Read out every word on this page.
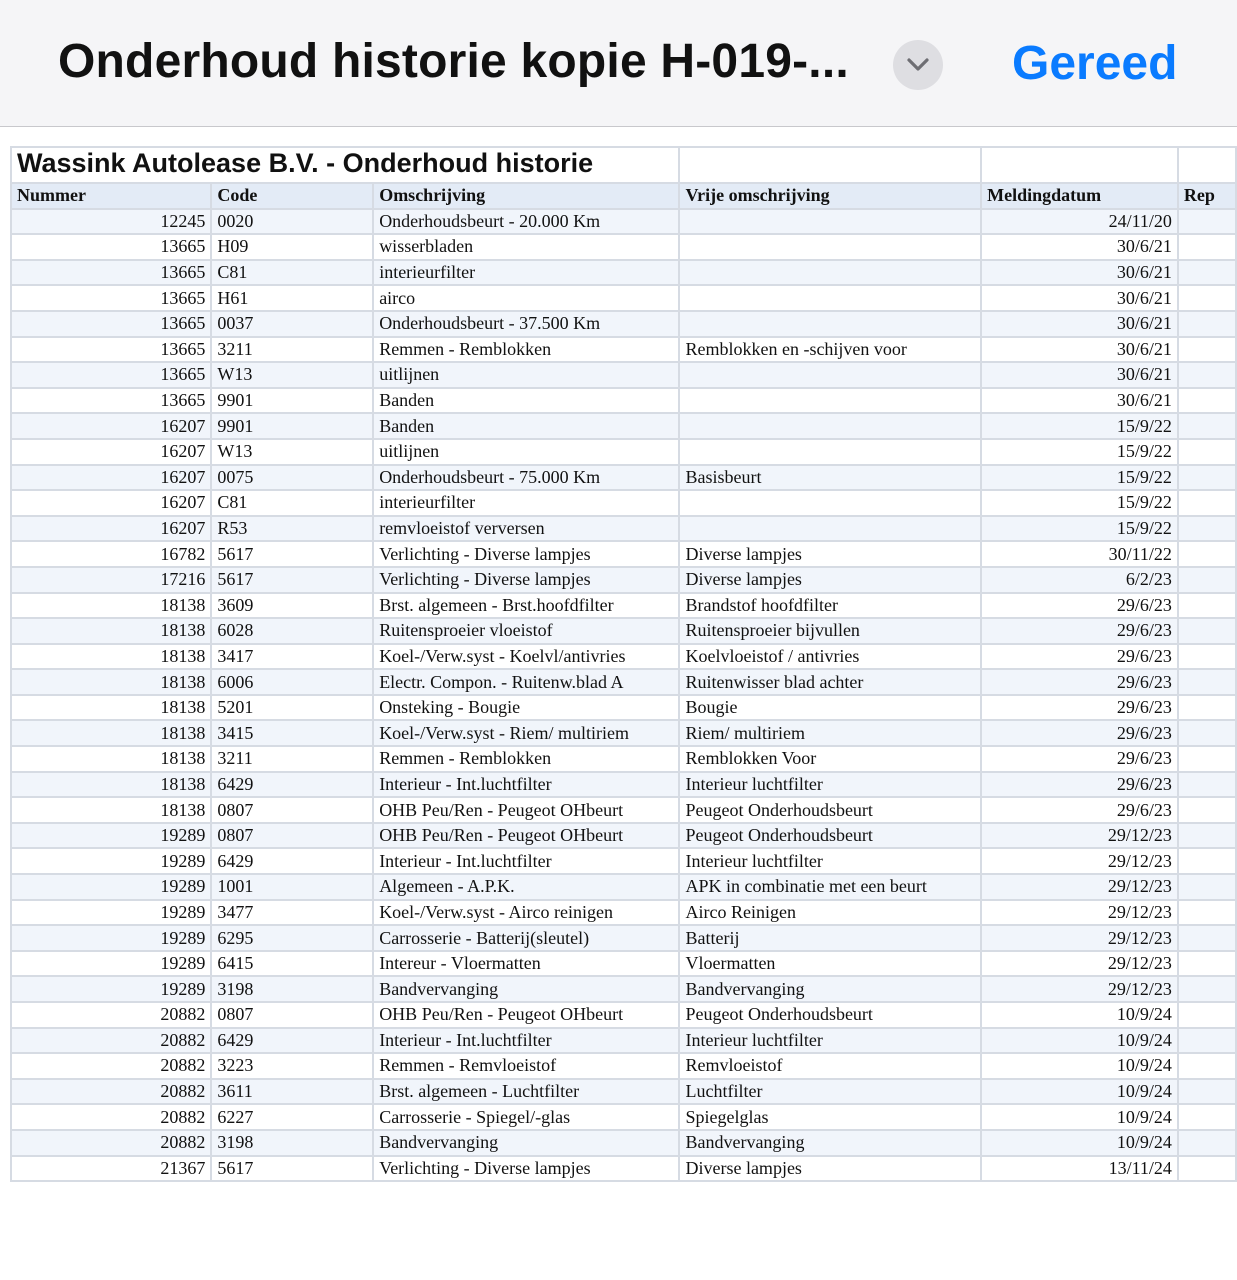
Onderhoud historie kopie H-019-...	Gereed
Wassink Autolease B.V. - Onderhoud historie					
Nummer	Code	Omschrijving	Vrije omschrijving	Meldingdatum	Rep
12245	0020	Onderhoudsbeurt - 20.000 Km		24/11/20	
13665	H09	wisserbladen		30/6/21	
13665	C81	interieurfilter		30/6/21	
13665	H61	airco		30/6/21	
13665	0037	Onderhoudsbeurt - 37.500 Km		30/6/21	
13665	3211	Remmen - Remblokken	Remblokken en -schijven voor	30/6/21	
13665	W13	uitlijnen		30/6/21	
13665	9901	Banden		30/6/21	
16207	9901	Banden		15/9/22	
16207	W13	uitlijnen		15/9/22	
16207	0075	Onderhoudsbeurt - 75.000 Km	Basisbeurt	15/9/22	
16207	C81	interieurfilter		15/9/22	
16207	R53	remvloeistof verversen		15/9/22	
16782	5617	Verlichting - Diverse lampjes	Diverse lampjes	30/11/22	
17216	5617	Verlichting - Diverse lampjes	Diverse lampjes	6/2/23	
18138	3609	Brst. algemeen - Brst.hoofdfilter	Brandstof hoofdfilter	29/6/23	
18138	6028	Ruitensproeier vloeistof	Ruitensproeier bijvullen	29/6/23	
18138	3417	Koel-/Verw.syst - Koelvl/antivries	Koelvloeistof / antivries	29/6/23	
18138	6006	Electr. Compon. - Ruitenw.blad A	Ruitenwisser blad achter	29/6/23	
18138	5201	Onsteking - Bougie	Bougie	29/6/23	
18138	3415	Koel-/Verw.syst - Riem/ multiriem	Riem/ multiriem	29/6/23	
18138	3211	Remmen - Remblokken	Remblokken Voor	29/6/23	
18138	6429	Interieur - Int.luchtfilter	Interieur luchtfilter	29/6/23	
18138	0807	OHB Peu/Ren - Peugeot OHbeurt	Peugeot Onderhoudsbeurt	29/6/23	
19289	0807	OHB Peu/Ren - Peugeot OHbeurt	Peugeot Onderhoudsbeurt	29/12/23	
19289	6429	Interieur - Int.luchtfilter	Interieur luchtfilter	29/12/23	
19289	1001	Algemeen - A.P.K.	APK in combinatie met een beurt	29/12/23	
19289	3477	Koel-/Verw.syst - Airco reinigen	Airco Reinigen	29/12/23	
19289	6295	Carrosserie - Batterij(sleutel)	Batterij	29/12/23	
19289	6415	Intereur - Vloermatten	Vloermatten	29/12/23	
19289	3198	Bandvervanging	Bandvervanging	29/12/23	
20882	0807	OHB Peu/Ren - Peugeot OHbeurt	Peugeot Onderhoudsbeurt	10/9/24	
20882	6429	Interieur - Int.luchtfilter	Interieur luchtfilter	10/9/24	
20882	3223	Remmen - Remvloeistof	Remvloeistof	10/9/24	
20882	3611	Brst. algemeen - Luchtfilter	Luchtfilter	10/9/24	
20882	6227	Carrosserie - Spiegel/-glas	Spiegelglas	10/9/24	
20882	3198	Bandvervanging	Bandvervanging	10/9/24	
21367	5617	Verlichting - Diverse lampjes	Diverse lampjes	13/11/24	
